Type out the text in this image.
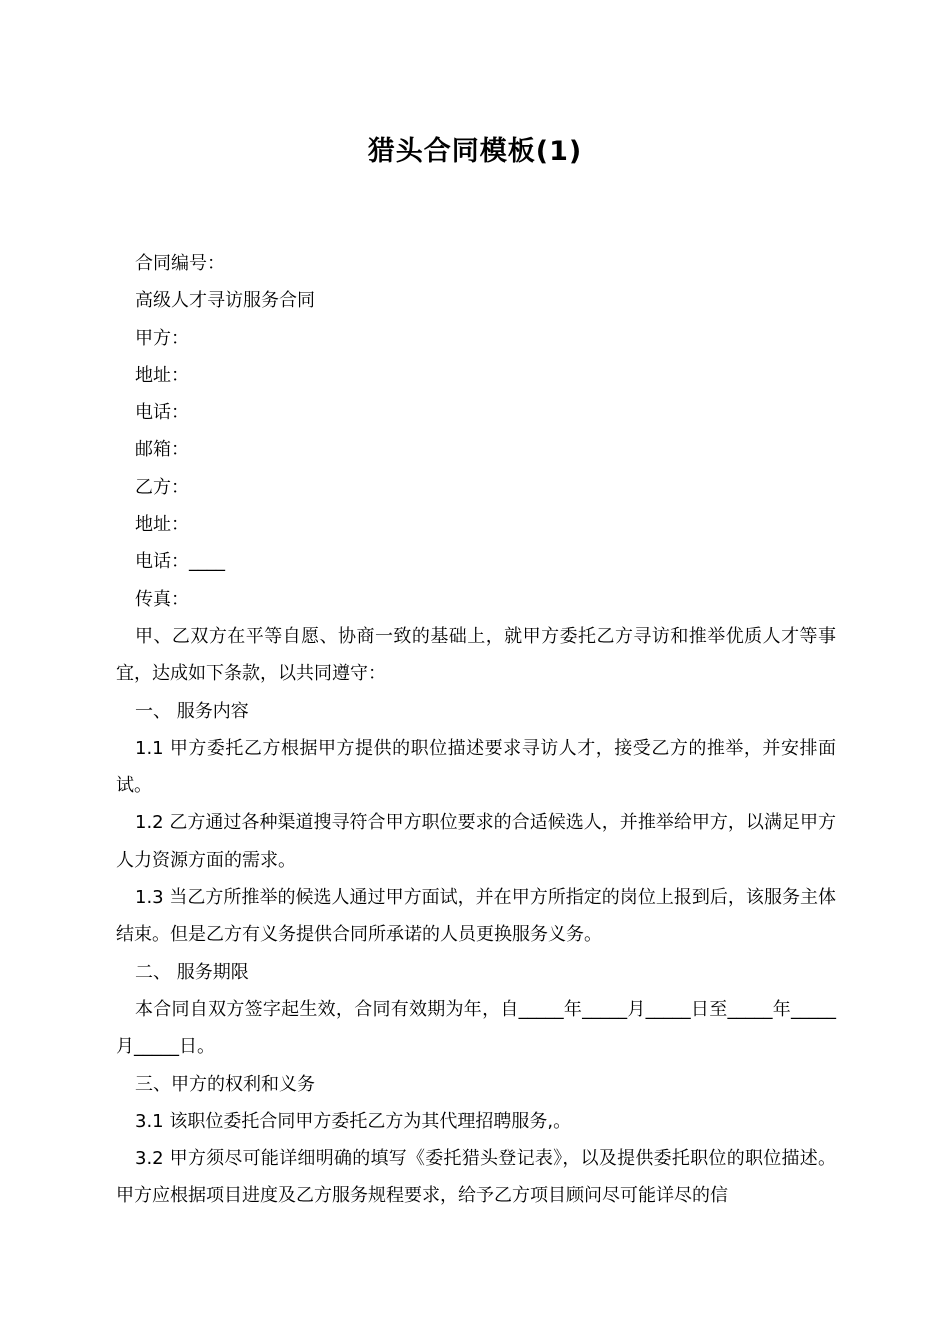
猎头合同模板(1)

合同编号：

高级人才寻访服务合同

甲方：

地址：

电话：

邮箱：

乙方：

地址：

电话：____

传真：

甲、乙双方在平等自愿、协商一致的基础上，就甲方委托乙方寻访和推举优质人才等事宜，达成如下条款，以共同遵守：

一、 服务内容

1.1 甲方委托乙方根据甲方提供的职位描述要求寻访人才，接受乙方的推举，并安排面试。

1.2 乙方通过各种渠道搜寻符合甲方职位要求的合适候选人，并推举给甲方，以满足甲方人力资源方面的需求。

1.3 当乙方所推举的候选人通过甲方面试，并在甲方所指定的岗位上报到后，该服务主体结束。但是乙方有义务提供合同所承诺的人员更换服务义务。

二、 服务期限

本合同自双方签字起生效，合同有效期为年，自_____年_____月_____日至_____年_____月_____日。

三、甲方的权利和义务

3.1 该职位委托合同甲方委托乙方为其代理招聘服务,。

3.2 甲方须尽可能详细明确的填写《委托猎头登记表》，以及提供委托职位的职位描述。甲方应根据项目进度及乙方服务规程要求，给予乙方项目顾问尽可能详尽的信
